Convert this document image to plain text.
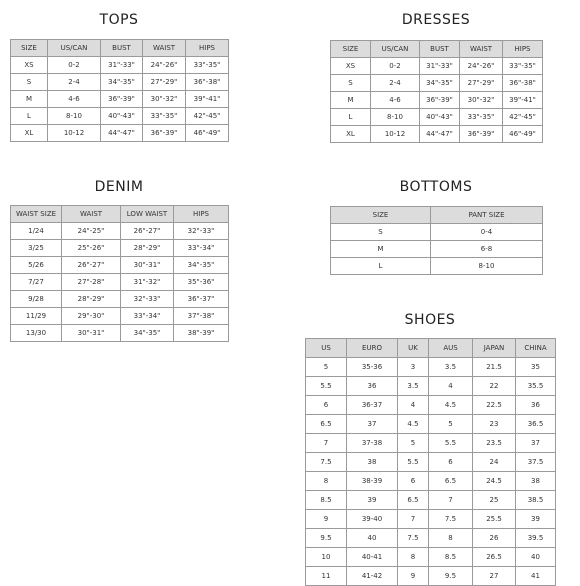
TOPS
SIZE	US/CAN	BUST	WAIST	HIPS
XS	0-2	31"-33"	24"-26"	33"-35"
S	2-4	34"-35"	27"-29"	36"-38"
M	4-6	36"-39"	30"-32"	39"-41"
L	8-10	40"-43"	33"-35"	42"-45"
XL	10-12	44"-47"	36"-39"	46"-49"
DRESSES
SIZE	US/CAN	BUST	WAIST	HIPS
XS	0-2	31"-33"	24"-26"	33"-35"
S	2-4	34"-35"	27"-29"	36"-38"
M	4-6	36"-39"	30"-32"	39"-41"
L	8-10	40"-43"	33"-35"	42"-45"
XL	10-12	44"-47"	36"-39"	46"-49"
DENIM
WAIST SIZE	WAIST	LOW WAIST	HIPS
1/24	24"-25"	26"-27"	32"-33"
3/25	25"-26"	28"-29"	33"-34"
5/26	26"-27"	30"-31"	34"-35"
7/27	27"-28"	31"-32"	35"-36"
9/28	28"-29"	32"-33"	36"-37"
11/29	29"-30"	33"-34"	37"-38"
13/30	30"-31"	34"-35"	38"-39"
BOTTOMS
SIZE	PANT SIZE
S	0-4
M	6-8
L	8-10
SHOES
US	EURO	UK	AUS	JAPAN	CHINA
5	35-36	3	3.5	21.5	35
5.5	36	3.5	4	22	35.5
6	36-37	4	4.5	22.5	36
6.5	37	4.5	5	23	36.5
7	37-38	5	5.5	23.5	37
7.5	38	5.5	6	24	37.5
8	38-39	6	6.5	24.5	38
8.5	39	6.5	7	25	38.5
9	39-40	7	7.5	25.5	39
9.5	40	7.5	8	26	39.5
10	40-41	8	8.5	26.5	40
11	41-42	9	9.5	27	41
